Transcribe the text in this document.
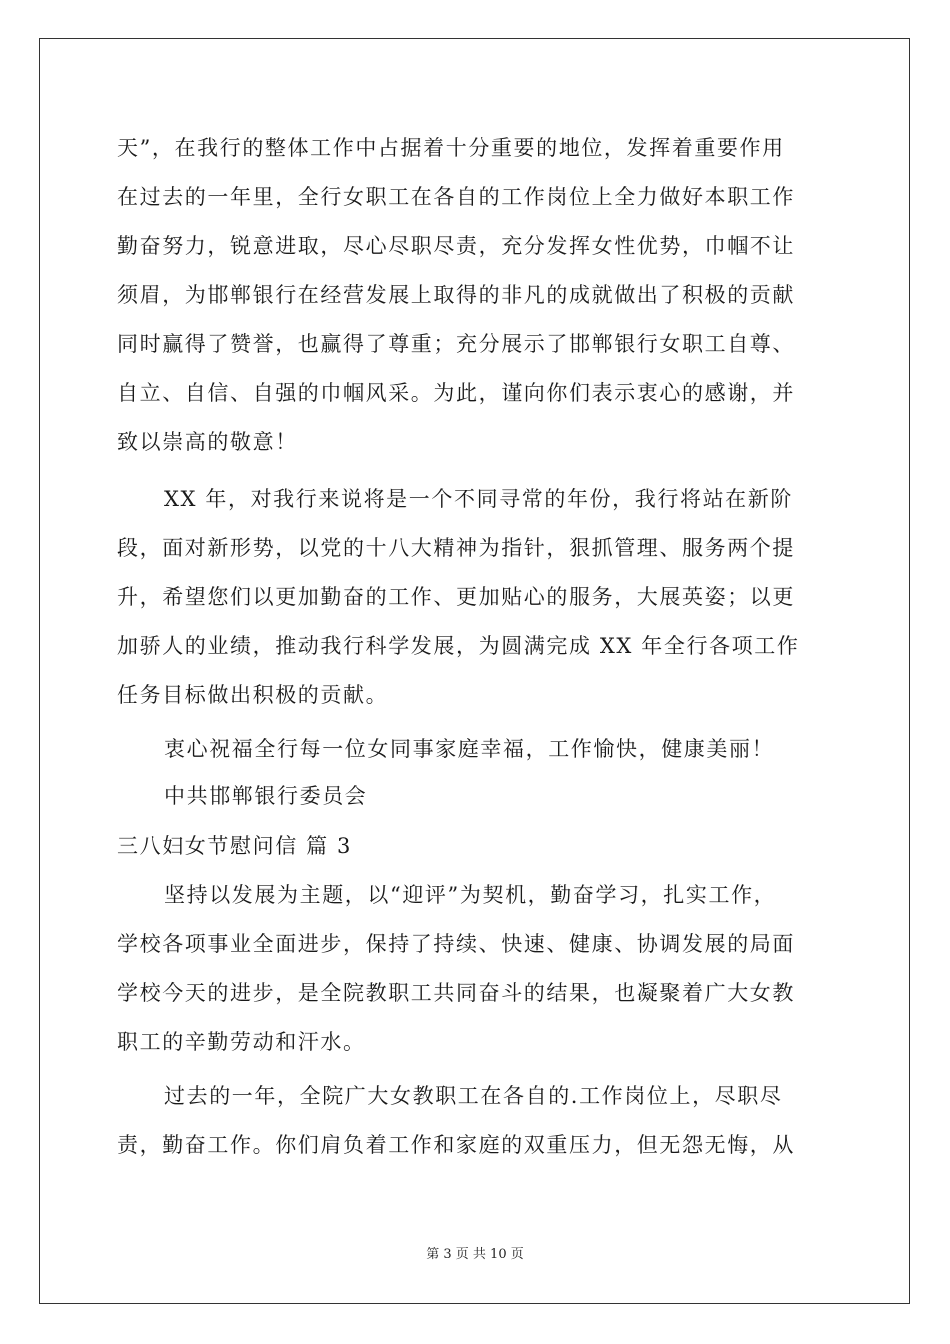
天”，在我行的整体工作中占据着十分重要的地位，发挥着重要作用
在过去的一年里，全行女职工在各自的工作岗位上全力做好本职工作
勤奋努力，锐意进取，尽心尽职尽责，充分发挥女性优势，巾帼不让
须眉，为邯郸银行在经营发展上取得的非凡的成就做出了积极的贡献
同时赢得了赞誉，也赢得了尊重；充分展示了邯郸银行女职工自尊、
自立、自信、自强的巾帼风采。为此，谨向你们表示衷心的感谢，并
致以崇高的敬意！
XX 年，对我行来说将是一个不同寻常的年份，我行将站在新阶
段，面对新形势，以党的十八大精神为指针，狠抓管理、服务两个提
升，希望您们以更加勤奋的工作、更加贴心的服务，大展英姿；以更
加骄人的业绩，推动我行科学发展，为圆满完成 XX 年全行各项工作
任务目标做出积极的贡献。
衷心祝福全行每一位女同事家庭幸福，工作愉快，健康美丽！
中共邯郸银行委员会
三八妇女节慰问信 篇 3
坚持以发展为主题，以“迎评”为契机，勤奋学习，扎实工作，
学校各项事业全面进步，保持了持续、快速、健康、协调发展的局面
学校今天的进步，是全院教职工共同奋斗的结果，也凝聚着广大女教
职工的辛勤劳动和汗水。
过去的一年，全院广大女教职工在各自的.工作岗位上，尽职尽
责，勤奋工作。你们肩负着工作和家庭的双重压力，但无怨无悔，从
第 3 页 共 10 页
